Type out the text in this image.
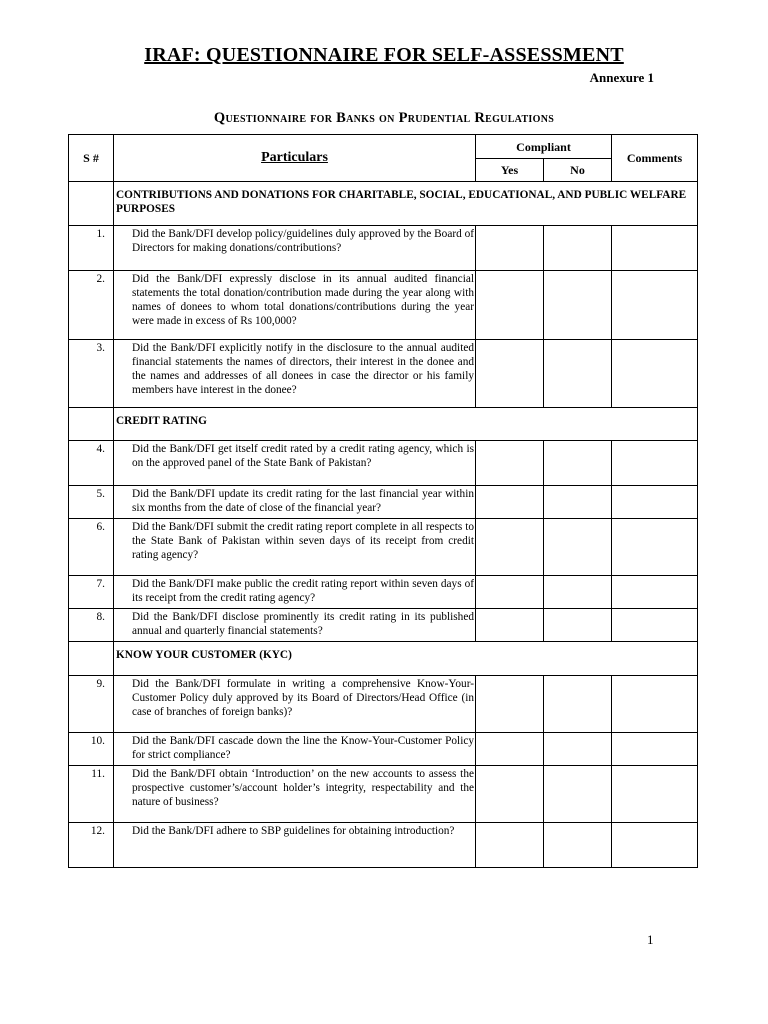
IRAF: QUESTIONNAIRE FOR SELF-ASSESSMENT
Annexure 1
Questionnaire for Banks on Prudential Regulations
S #	Particulars	Compliant		Comments
		Yes	No	
	CONTRIBUTIONS AND DONATIONS FOR CHARITABLE, SOCIAL, EDUCATIONAL, AND PUBLIC WELFARE PURPOSES			
1.	Did the Bank/DFI develop policy/guidelines duly approved by the Board of Directors for making donations/contributions?			
2.	Did the Bank/DFI expressly disclose in its annual audited financial statements the total donation/contribution made during the year along with names of donees to whom total donations/contributions during the year were made in excess of Rs 100,000?			
3.	Did the Bank/DFI explicitly notify in the disclosure to the annual audited financial statements the names of directors, their interest in the donee and the names and addresses of all donees in case the director or his family members have interest in the donee?			
	CREDIT RATING			
4.	Did the Bank/DFI get itself credit rated by a credit rating agency, which is on the approved panel of the State Bank of Pakistan?			
5.	Did the Bank/DFI update its credit rating for the last financial year within six months from the date of close of the financial year?			
6.	Did the Bank/DFI submit the credit rating report complete in all respects to the State Bank of Pakistan within seven days of its receipt from credit rating agency?			
7.	Did the Bank/DFI make public the credit rating report within seven days of its receipt from the credit rating agency?			
8.	Did the Bank/DFI disclose prominently its credit rating in its published annual and quarterly financial statements?			
	KNOW YOUR CUSTOMER (KYC)			
9.	Did the Bank/DFI formulate in writing a comprehensive Know-Your-Customer Policy duly approved by its Board of Directors/Head Office (in case of branches of foreign banks)?			
10.	Did the Bank/DFI cascade down the line the Know-Your-Customer Policy for strict compliance?			
11.	Did the Bank/DFI obtain ‘Introduction’ on the new accounts to assess the prospective customer’s/account holder’s integrity, respectability and the nature of business?			
12.	Did the Bank/DFI adhere to SBP guidelines for obtaining introduction?			
1
